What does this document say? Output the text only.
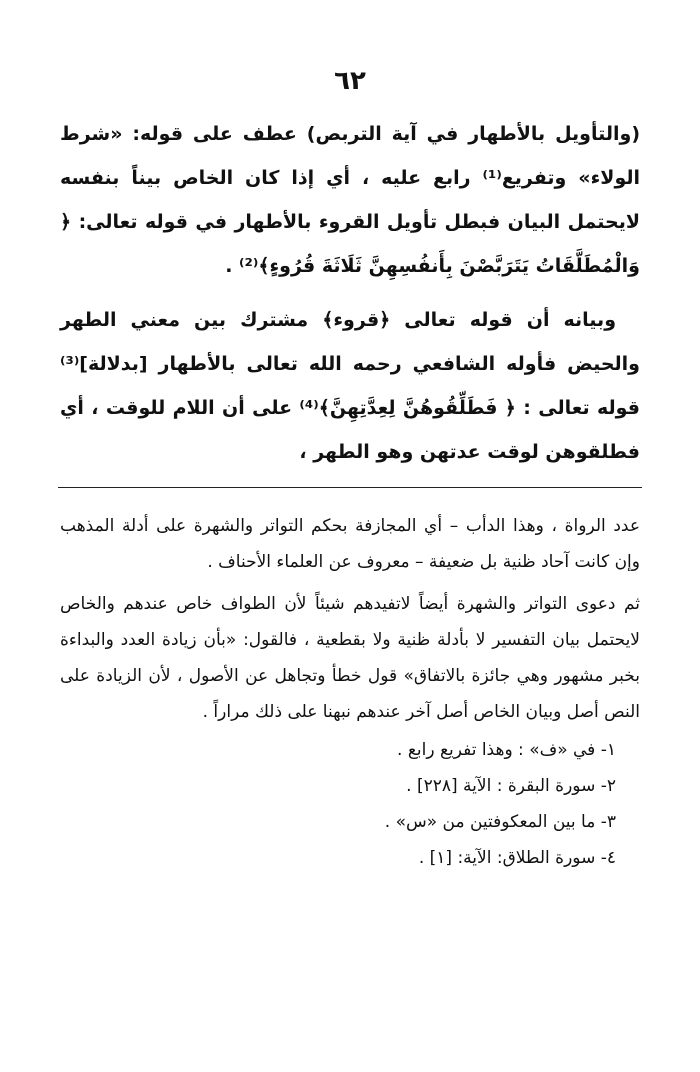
٦٢

(والتأويل بالأطهار في آية التربص) عطف على قوله: «شرط الولاء» وتفريع⁽¹⁾ رابع عليه ، أي إذا كان الخاص بيناً بنفسه لايحتمل البيان فبطل تأويل القروء بالأطهار في قوله تعالى: ﴿ وَالْمُطَلَّقَاتُ يَتَرَبَّصْنَ بِأَنفُسِهِنَّ ثَلَاثَةَ قُرُوءٍ﴾⁽²⁾ .

وبيانه أن قوله تعالى ﴿قروء﴾ مشترك بين معني الطهر والحيض فأوله الشافعي رحمه الله تعالى بالأطهار [بدلالة]⁽³⁾ قوله تعالى : ﴿ فَطَلِّقُوهُنَّ لِعِدَّتِهِنَّ﴾⁽⁴⁾ على أن اللام للوقت ، أي فطلقوهن لوقت عدتهن وهو الطهر ،

عدد الرواة ، وهذا الدأب – أي المجازفة بحكم التواتر والشهرة على أدلة المذهب وإن كانت آحاد ظنية بل ضعيفة – معروف عن العلماء الأحناف .

ثم دعوى التواتر والشهرة أيضاً لاتفيدهم شيئاً لأن الطواف خاص عندهم والخاص لايحتمل بيان التفسير لا بأدلة ظنية ولا بقطعية ، فالقول: «بأن زيادة العدد والبداءة بخبر مشهور وهي جائزة بالاتفاق» قول خطأ وتجاهل عن الأصول ، لأن الزيادة على النص أصل وبيان الخاص أصل آخر عندهم نبهنا على ذلك مراراً .

١- في «ف» : وهذا تفريع رابع .
٢- سورة البقرة : الآية [٢٢٨] .
٣- ما بين المعكوفتين من «س» .
٤- سورة الطلاق: الآية: [١] .
